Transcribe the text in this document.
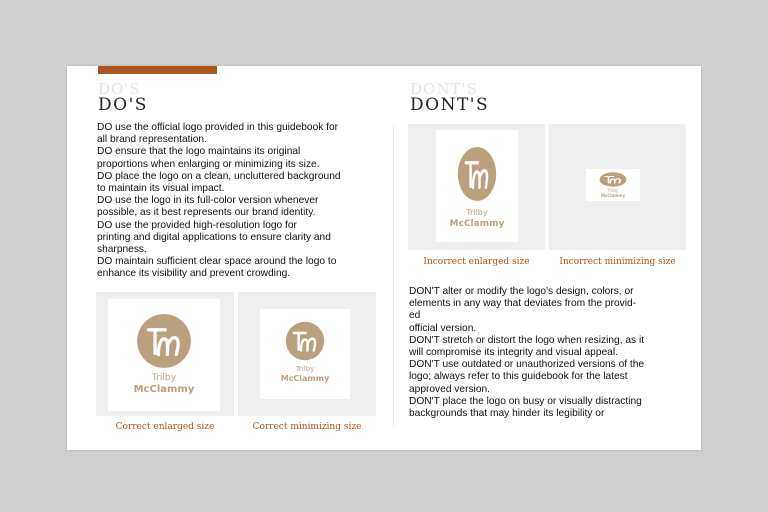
DO'S
DO'S

DO use the official logo provided in this guidebook for

all brand representation.

DO ensure that the logo maintains its original

proportions when enlarging or minimizing its size.

DO place the logo on a clean, uncluttered background

to maintain its visual impact.

DO use the logo in its full-color version whenever

possible, as it best represents our brand identity.

DO use the provided high-resolution logo for

printing and digital applications to ensure clarity and

sharpness.

DO maintain sufficient clear space around the logo to

enhance its visibility and prevent crowding.

Trilby
McClammy
Correct enlarged size
Trilby
McClammy
Correct minimizing size
DONT'S
DONT'S
Trilby
McClammy
Incorrect enlarged size
Trilby
McClammy
Incorrect minimizing size

DON'T alter or modify the logo's design, colors, or

elements in any way that deviates from the provid-

ed

official version.

DON'T stretch or distort the logo when resizing, as it

will compromise its integrity and visual appeal.

DON'T use outdated or unauthorized versions of the

logo; always refer to this guidebook for the latest

approved version.

DON'T place the logo on busy or visually distracting

backgrounds that may hinder its legibility or
